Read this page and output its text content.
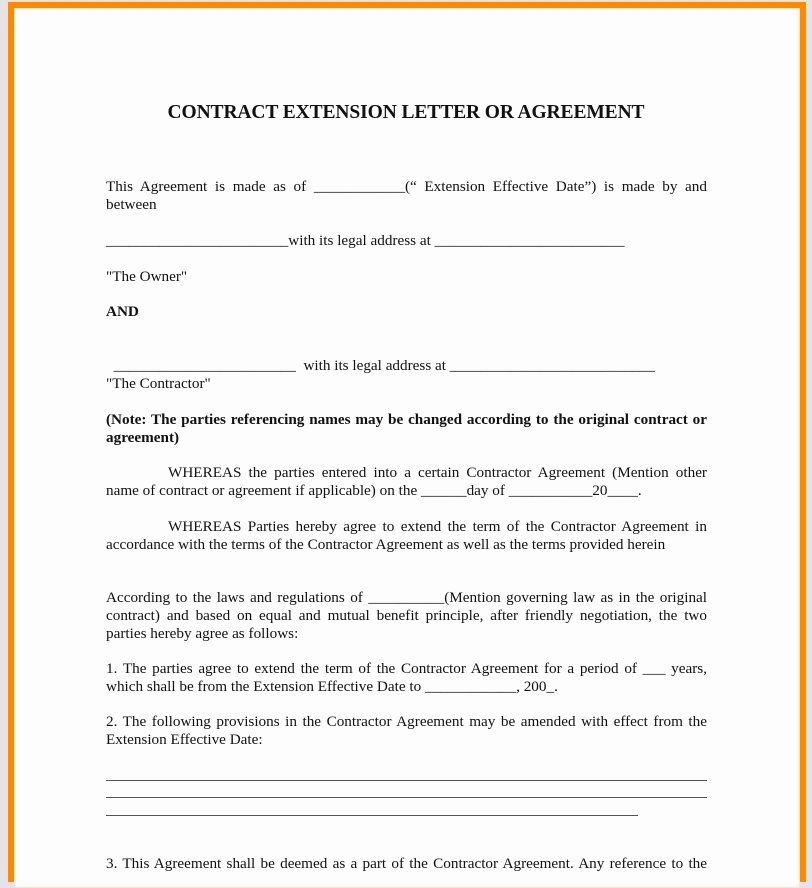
CONTRACT EXTENSION LETTER OR AGREEMENT
This Agreement is made as of ____________(“ Extension Effective Date”) is made by and
between
________________________with its legal address at _________________________
"The Owner"
AND

________________________  with its legal address at ___________________________

"The Contractor"
(Note: The parties referencing names may be changed according to the original contract or agreement)
WHEREAS the parties entered into a certain Contractor Agreement (Mention other name of contract or agreement if applicable) on the ______day of ___________20____.
WHEREAS Parties hereby agree to extend the term of the Contractor Agreement in accordance with the terms of the Contractor Agreement as well as the terms provided herein
According to the laws and regulations of __________(Mention governing law as in the original contract) and based on equal and mutual benefit principle, after friendly negotiation, the two parties hereby agree as follows:
1. The parties agree to extend the term of the Contractor Agreement for a period of ___ years, which shall be from the Extension Effective Date to ____________, 200_.
2. The following provisions in the Contractor Agreement may be amended with effect from the Extension Effective Date:
3. This Agreement shall be deemed as a part of the Contractor Agreement. Any reference to the
